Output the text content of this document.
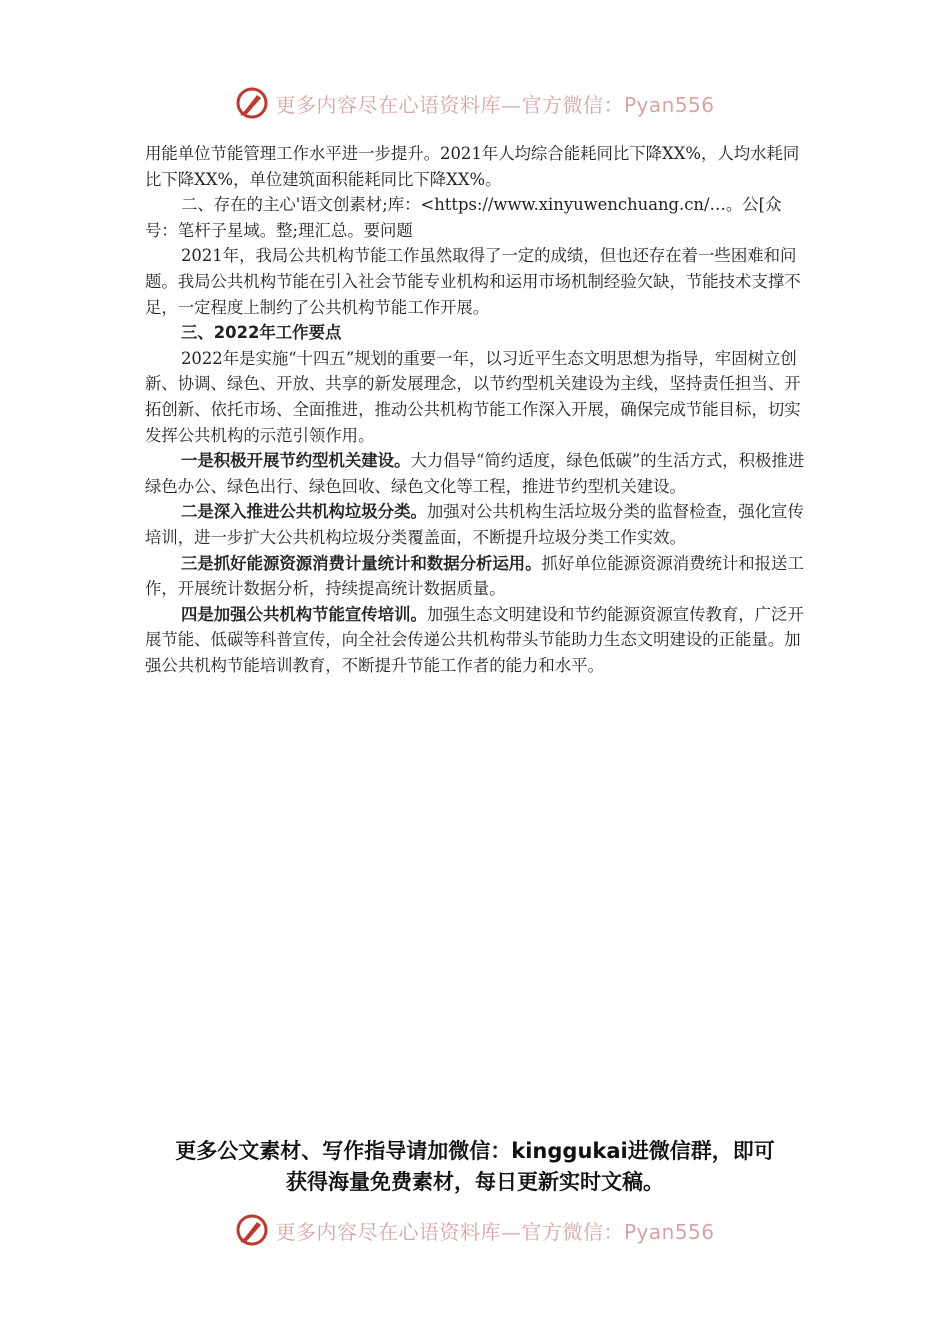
更多内容尽在心语资料库—官方微信：Pyan556

用能单位节能管理工作水平进一步提升。2021年人均综合能耗同比下降XX%，人均水耗同比下降XX%，单位建筑面积能耗同比下降XX%。

二、存在的主心'语文创素材;库：<https://www.xinyuwenchuang.cn/…。公[众号：笔杆子星域。整;理汇总。要问题

2021年，我局公共机构节能工作虽然取得了一定的成绩，但也还存在着一些困难和问题。我局公共机构节能在引入社会节能专业机构和运用市场机制经验欠缺，节能技术支撑不足，一定程度上制约了公共机构节能工作开展。

三、2022年工作要点

2022年是实施“十四五”规划的重要一年，以习近平生态文明思想为指导，牢固树立创新、协调、绿色、开放、共享的新发展理念，以节约型机关建设为主线，坚持责任担当、开拓创新、依托市场、全面推进，推动公共机构节能工作深入开展，确保完成节能目标，切实发挥公共机构的示范引领作用。

一是积极开展节约型机关建设。大力倡导“简约适度，绿色低碳”的生活方式，积极推进绿色办公、绿色出行、绿色回收、绿色文化等工程，推进节约型机关建设。

二是深入推进公共机构垃圾分类。加强对公共机构生活垃圾分类的监督检查，强化宣传培训，进一步扩大公共机构垃圾分类覆盖面，不断提升垃圾分类工作实效。

三是抓好能源资源消费计量统计和数据分析运用。抓好单位能源资源消费统计和报送工作，开展统计数据分析，持续提高统计数据质量。

四是加强公共机构节能宣传培训。加强生态文明建设和节约能源资源宣传教育，广泛开展节能、低碳等科普宣传，向全社会传递公共机构带头节能助力生态文明建设的正能量。加强公共机构节能培训教育，不断提升节能工作者的能力和水平。

更多公文素材、写作指导请加微信：kinggukai进微信群，即可
获得海量免费素材，每日更新实时文稿。
更多内容尽在心语资料库—官方微信：Pyan556
